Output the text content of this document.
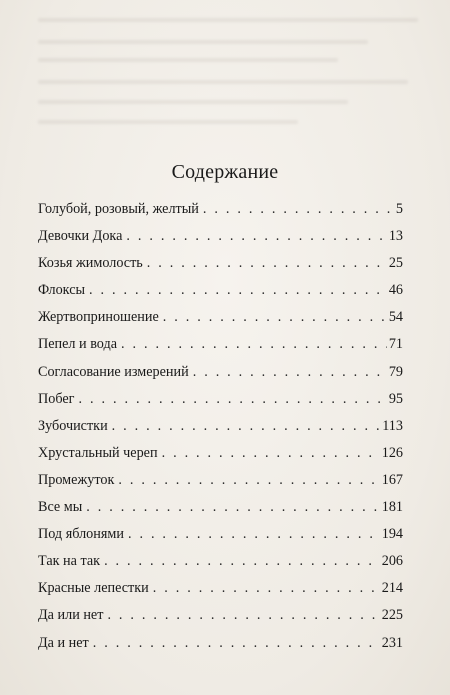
Содержание
Голубой, розовый, желтый . . .	5
Девочки Дока . . .	13
Козья жимолость . . .	25
Флоксы . . .	46
Жертвоприношение . . .	54
Пепел и вода . . .	71
Согласование измерений . . .	79
Побег . . .	95
Зубочистки . . .	113
Хрустальный череп . . .	126
Промежуток . . .	167
Все мы . . .	181
Под яблонями . . .	194
Так на так . . .	206
Красные лепестки . . .	214
Да или нет . . .	225
Да и нет . . .	231
